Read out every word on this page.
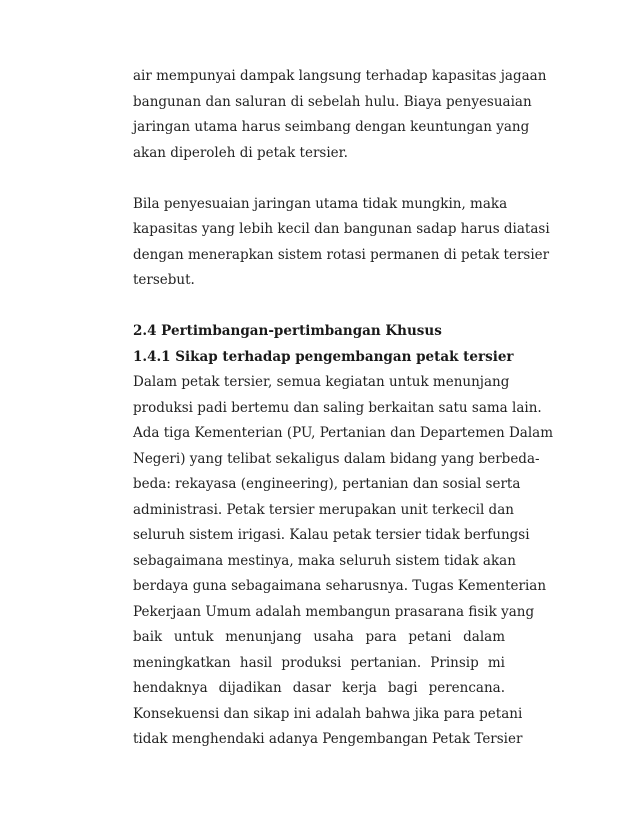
air mempunyai dampak langsung terhadap kapasitas jagaan
bangunan dan saluran di sebelah hulu. Biaya penyesuaian
jaringan utama harus seimbang dengan keuntungan yang
akan diperoleh di petak tersier.
Bila penyesuaian jaringan utama tidak mungkin, maka
kapasitas yang lebih kecil dan bangunan sadap harus diatasi
dengan menerapkan sistem rotasi permanen di petak tersier
tersebut.
2.4 Pertimbangan-pertimbangan Khusus
1.4.1 Sikap terhadap pengembangan petak tersier
Dalam petak tersier, semua kegiatan untuk menunjang
produksi padi bertemu dan saling berkaitan satu sama lain.
Ada tiga Kementerian (PU, Pertanian dan Departemen Dalam
Negeri) yang telibat sekaligus dalam bidang yang berbeda-
beda: rekayasa (engineering), pertanian dan sosial serta
administrasi. Petak tersier merupakan unit terkecil dan
seluruh sistem irigasi. Kalau petak tersier tidak berfungsi
sebagaimana mestinya, maka seluruh sistem tidak akan
berdaya guna sebagaimana seharusnya. Tugas Kementerian
Pekerjaan Umum adalah membangun prasarana fisik yang
baik untuk menunjang usaha para petani dalam
meningkatkan hasil produksi pertanian. Prinsip mi
hendaknya dijadikan dasar kerja bagi perencana.
Konsekuensi dan sikap ini adalah bahwa jika para petani
tidak menghendaki adanya Pengembangan Petak Tersier
